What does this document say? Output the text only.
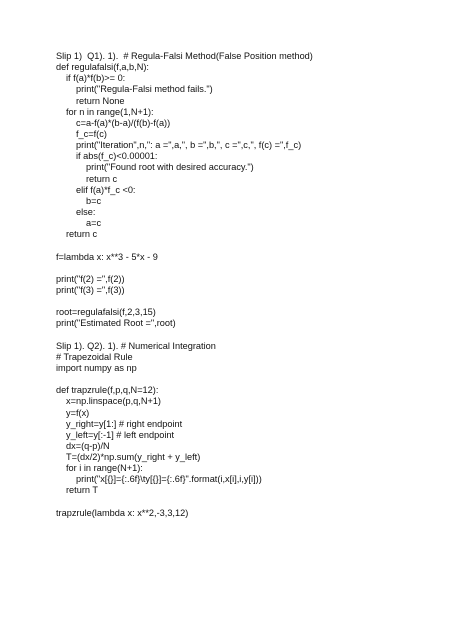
Slip 1)  Q1). 1).  # Regula-Falsi Method(False Position method)
def regulafalsi(f,a,b,N):
if f(a)*f(b)>= 0:
print("Regula-Falsi method fails.")
return None
for n in range(1,N+1):
c=a-f(a)*(b-a)/(f(b)-f(a))
f_c=f(c)
print("Iteration",n,": a =",a,", b =",b,", c =",c,", f(c) =",f_c)
if abs(f_c)<0.00001:
print("Found root with desired accuracy.")
return c
elif f(a)*f_c <0:
b=c
else:
a=c
return c
f=lambda x: x**3 - 5*x - 9
print("f(2) =",f(2))
print("f(3) =",f(3))
root=regulafalsi(f,2,3,15)
print("Estimated Root =",root)
Slip 1). Q2). 1). # Numerical Integration
# Trapezoidal Rule
import numpy as np
def trapzrule(f,p,q,N=12):
x=np.linspace(p,q,N+1)
y=f(x)
y_right=y[1:] # right endpoint
y_left=y[:-1] # left endpoint
dx=(q-p)/N
T=(dx/2)*np.sum(y_right + y_left)
for i in range(N+1):
print("x[{}]={:.6f}\ty[{}]={:.6f}".format(i,x[i],i,y[i]))
return T
trapzrule(lambda x: x**2,-3,3,12)
